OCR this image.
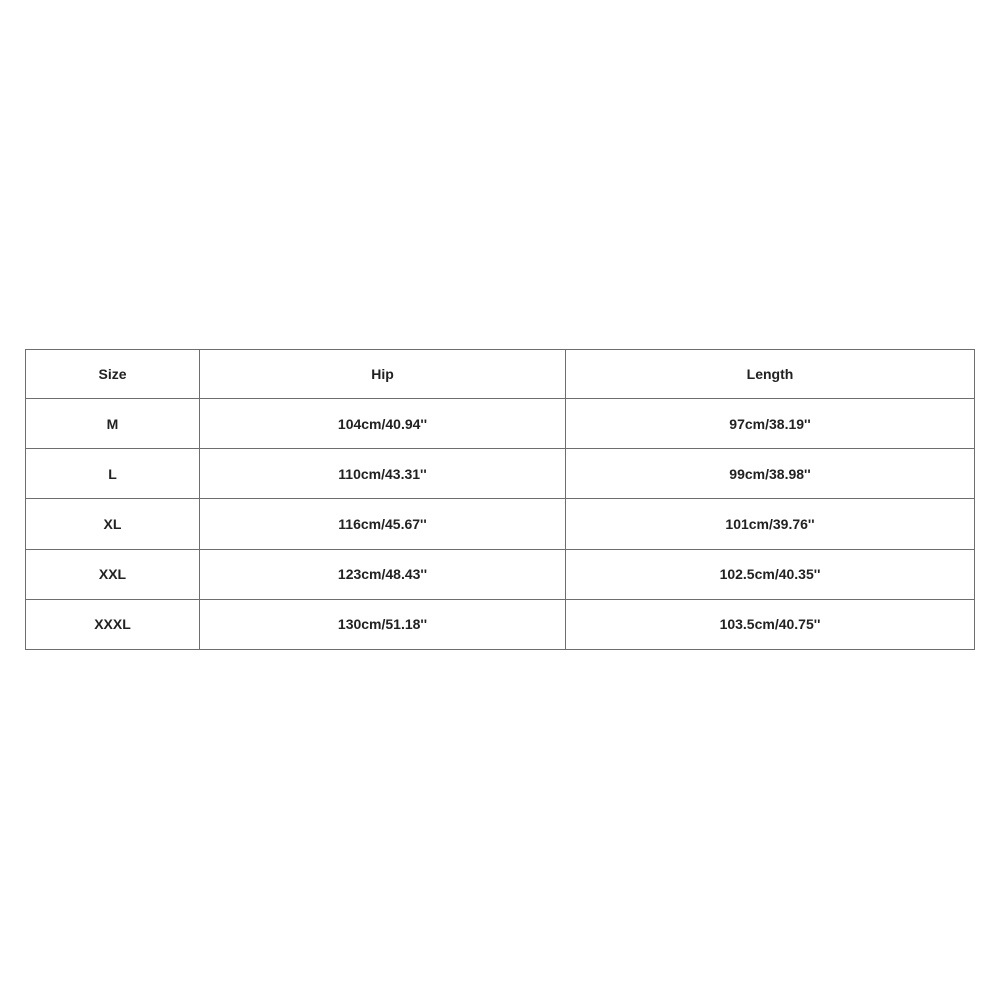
Size	Hip	Length
M	104cm/40.94''	97cm/38.19''
L	110cm/43.31''	99cm/38.98''
XL	116cm/45.67''	101cm/39.76''
XXL	123cm/48.43''	102.5cm/40.35''
XXXL	130cm/51.18''	103.5cm/40.75''
